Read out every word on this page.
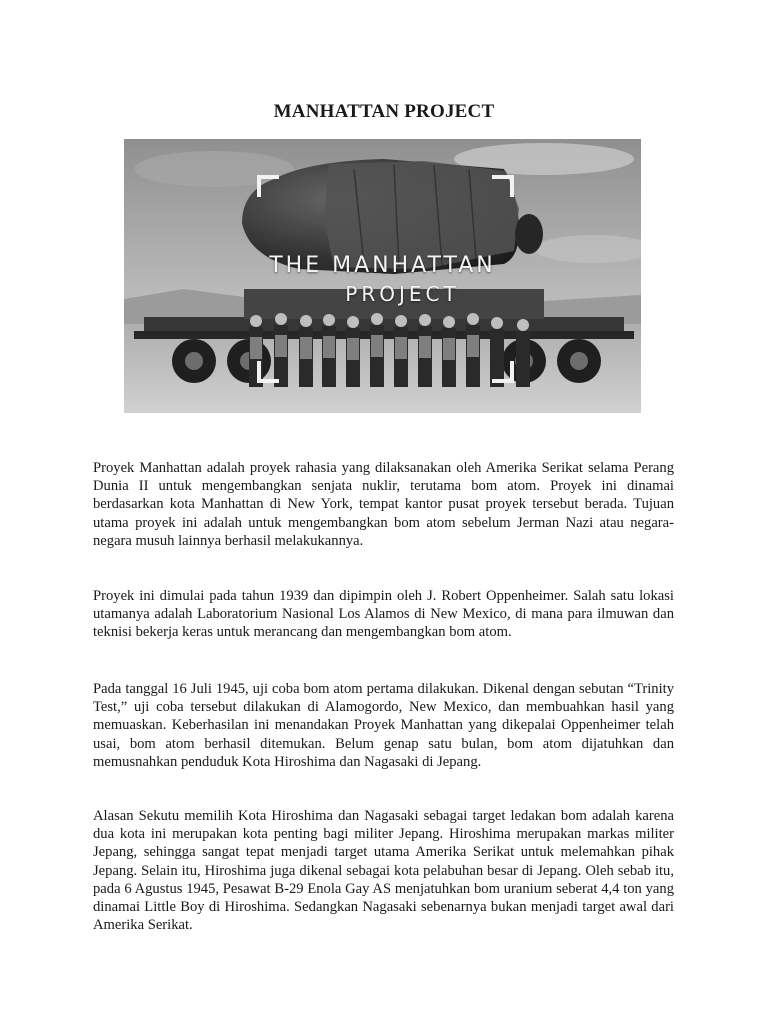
MANHATTAN PROJECT
THE MANHATTAN
PROJECT

Proyek Manhattan adalah proyek rahasia yang dilaksanakan oleh Amerika Serikat selama Perang Dunia II untuk mengembangkan senjata nuklir, terutama bom atom. Proyek ini dinamai berdasarkan kota Manhattan di New York, tempat kantor pusat proyek tersebut berada. Tujuan utama proyek ini adalah untuk mengembangkan bom atom sebelum Jerman Nazi atau negara-negara musuh lainnya berhasil melakukannya.

Proyek ini dimulai pada tahun 1939 dan dipimpin oleh J. Robert Oppenheimer. Salah satu lokasi utamanya adalah Laboratorium Nasional Los Alamos di New Mexico, di mana para ilmuwan dan teknisi bekerja keras untuk merancang dan mengembangkan bom atom.

Pada tanggal 16 Juli 1945, uji coba bom atom pertama dilakukan. Dikenal dengan sebutan “Trinity Test,” uji coba tersebut dilakukan di Alamogordo, New Mexico, dan membuahkan hasil yang memuaskan. Keberhasilan ini menandakan Proyek Manhattan yang dikepalai Oppenheimer telah usai, bom atom berhasil ditemukan. Belum genap satu bulan, bom atom dijatuhkan dan memusnahkan penduduk Kota Hiroshima dan Nagasaki di Jepang.

Alasan Sekutu memilih Kota Hiroshima dan Nagasaki sebagai target ledakan bom adalah karena dua kota ini merupakan kota penting bagi militer Jepang. Hiroshima merupakan markas militer Jepang, sehingga sangat tepat menjadi target utama Amerika Serikat untuk melemahkan pihak Jepang. Selain itu, Hiroshima juga dikenal sebagai kota pelabuhan besar di Jepang. Oleh sebab itu, pada 6 Agustus 1945, Pesawat B-29 Enola Gay AS menjatuhkan bom uranium seberat 4,4 ton yang dinamai Little Boy di Hiroshima. Sedangkan Nagasaki sebenarnya bukan menjadi target awal dari Amerika Serikat.
